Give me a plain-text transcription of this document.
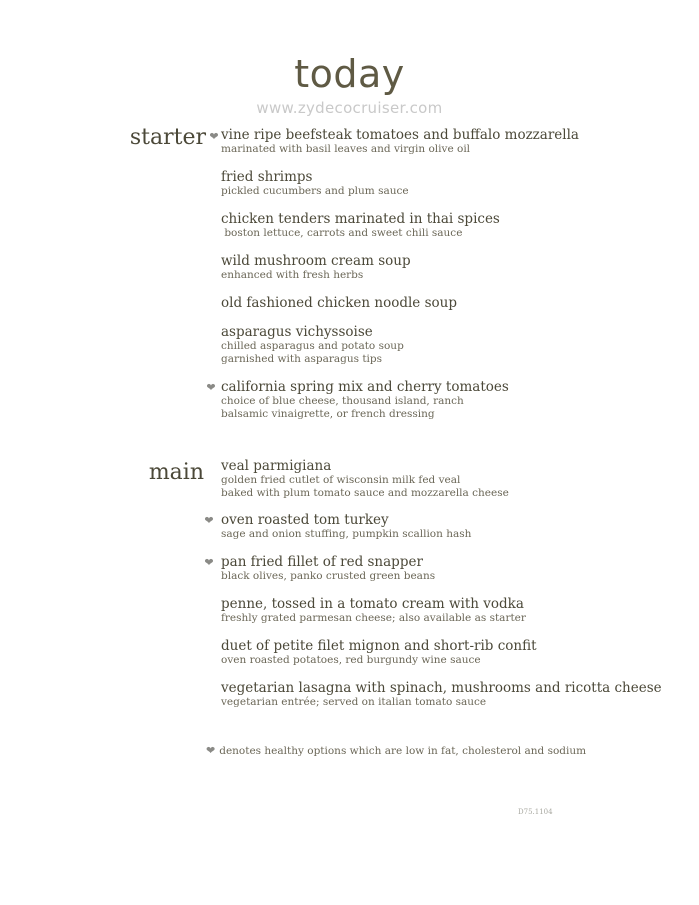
today
www.zydecocruiser.com
starter ❤ vine ripe beefsteak tomatoes and buffalo mozzarella
marinated with basil leaves and virgin olive oil
fried shrimps
pickled cucumbers and plum sauce
chicken tenders marinated in thai spices
boston lettuce, carrots and sweet chili sauce
wild mushroom cream soup
enhanced with fresh herbs
old fashioned chicken noodle soup
asparagus vichyssoise
chilled asparagus and potato soup
garnished with asparagus tips
❤ california spring mix and cherry tomatoes
choice of blue cheese, thousand island, ranch
balsamic vinaigrette, or french dressing
main veal parmigiana
golden fried cutlet of wisconsin milk fed veal
baked with plum tomato sauce and mozzarella cheese
❤ oven roasted tom turkey
sage and onion stuffing, pumpkin scallion hash
❤ pan fried fillet of red snapper
black olives, panko crusted green beans
penne, tossed in a tomato cream with vodka
freshly grated parmesan cheese; also available as starter
duet of petite filet mignon and short-rib confit
oven roasted potatoes, red burgundy wine sauce
vegetarian lasagna with spinach, mushrooms and ricotta cheese
vegetarian entrée; served on italian tomato sauce
❤ denotes healthy options which are low in fat, cholesterol and sodium
D75.1104
